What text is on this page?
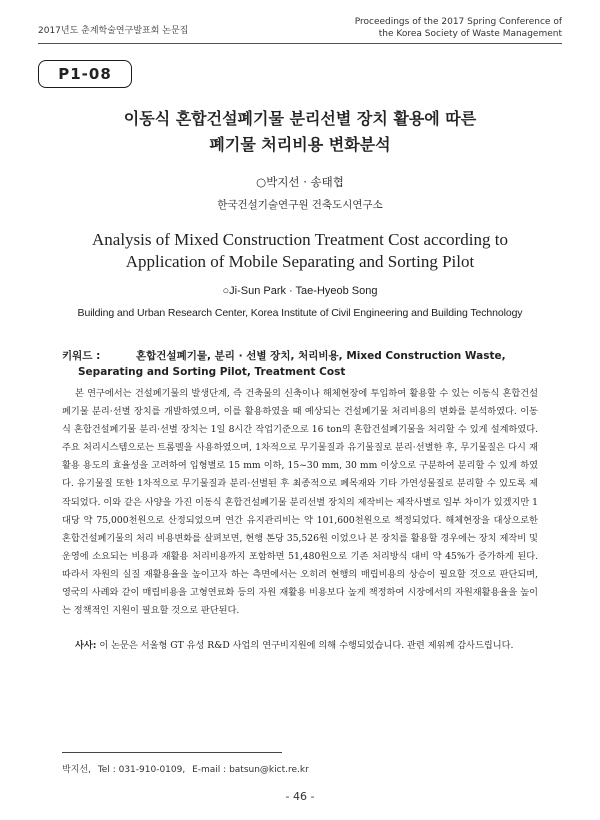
2017년도 춘계학술연구발표회 논문집
Proceedings of the 2017 Spring Conference of
the Korea Society of Waste Management
P1-08
이동식 혼합건설폐기물 분리선별 장치 활용에 따른
폐기물 처리비용 변화분석
○박지선 · 송태협
한국건설기술연구원 건축도시연구소
Analysis of Mixed Construction Treatment Cost according to
Application of Mobile Separating and Sorting Pilot
○Ji-Sun Park · Tae-Hyeob Song
Building and Urban Research Center, Korea Institute of Civil Engineering and Building Technology
키워드 :	혼합건설폐기물, 분리 · 선별 장치, 처리비용, Mixed Construction Waste, Separating and Sorting Pilot, Treatment Cost

본 연구에서는 건설폐기물의 발생단계, 즉 건축물의 신축이나 해체현장에 투입하여 활용할 수 있는 이동식 혼합건설폐기물 분리·선별 장치를 개발하였으며, 이를 활용하였을 때 예상되는 건설폐기물 처리비용의 변화를 분석하였다. 이동식 혼합건설폐기물 분리·선별 장치는 1일 8시간 작업기준으로 16 ton의 혼합건설폐기물을 처리할 수 있게 설계하였다. 주요 처리시스템으로는 트롬멜을 사용하였으며, 1차적으로 무기물질과 유기물질로 분리·선별한 후, 무기물질은 다시 재활용 용도의 효율성을 고려하여 입형별로 15 mm 이하, 15~30 mm, 30 mm 이상으로 구분하여 분리할 수 있게 하였다. 유기물질 또한 1차적으로 무기물질과 분리·선별된 후 최종적으로 폐목재와 기타 가연성물질로 분리할 수 있도록 제작되었다. 이와 같은 사양을 가진 이동식 혼합건설폐기물 분리선별 장치의 제작비는 제작사별로 일부 차이가 있겠지만 1대당 약 75,000천원으로 산정되었으며 연간 유지관리비는 약 101,600천원으로 책정되었다. 해체현장을 대상으로한 혼합건설폐기물의 처리 비용변화를 살펴보면, 현행 톤당 35,526원 이었으나 본 장치를 활용할 경우에는 장치 제작비 및 운영에 소요되는 비용과 재활용 처리비용까지 포함하면 51,480원으로 기존 처리방식 대비 약 45%가 증가하게 된다. 따라서 자원의 실질 재활용율을 높이고자 하는 측면에서는 오히려 현행의 매립비용의 상승이 필요할 것으로 판단되며, 영국의 사례와 같이 매립비용을 고형연료화 등의 자원 재활용 비용보다 높게 책정하여 시장에서의 자원재활용율을 높이는 정책적인 지원이 필요할 것으로 판단된다.

사사: 이 논문은 서울형 GT 유성 R&D 사업의 연구비지원에 의해 수행되었습니다. 관련 제위께 감사드립니다.
박지선, Tel : 031-910-0109, E-mail : batsun@kict.re.kr
- 46 -
